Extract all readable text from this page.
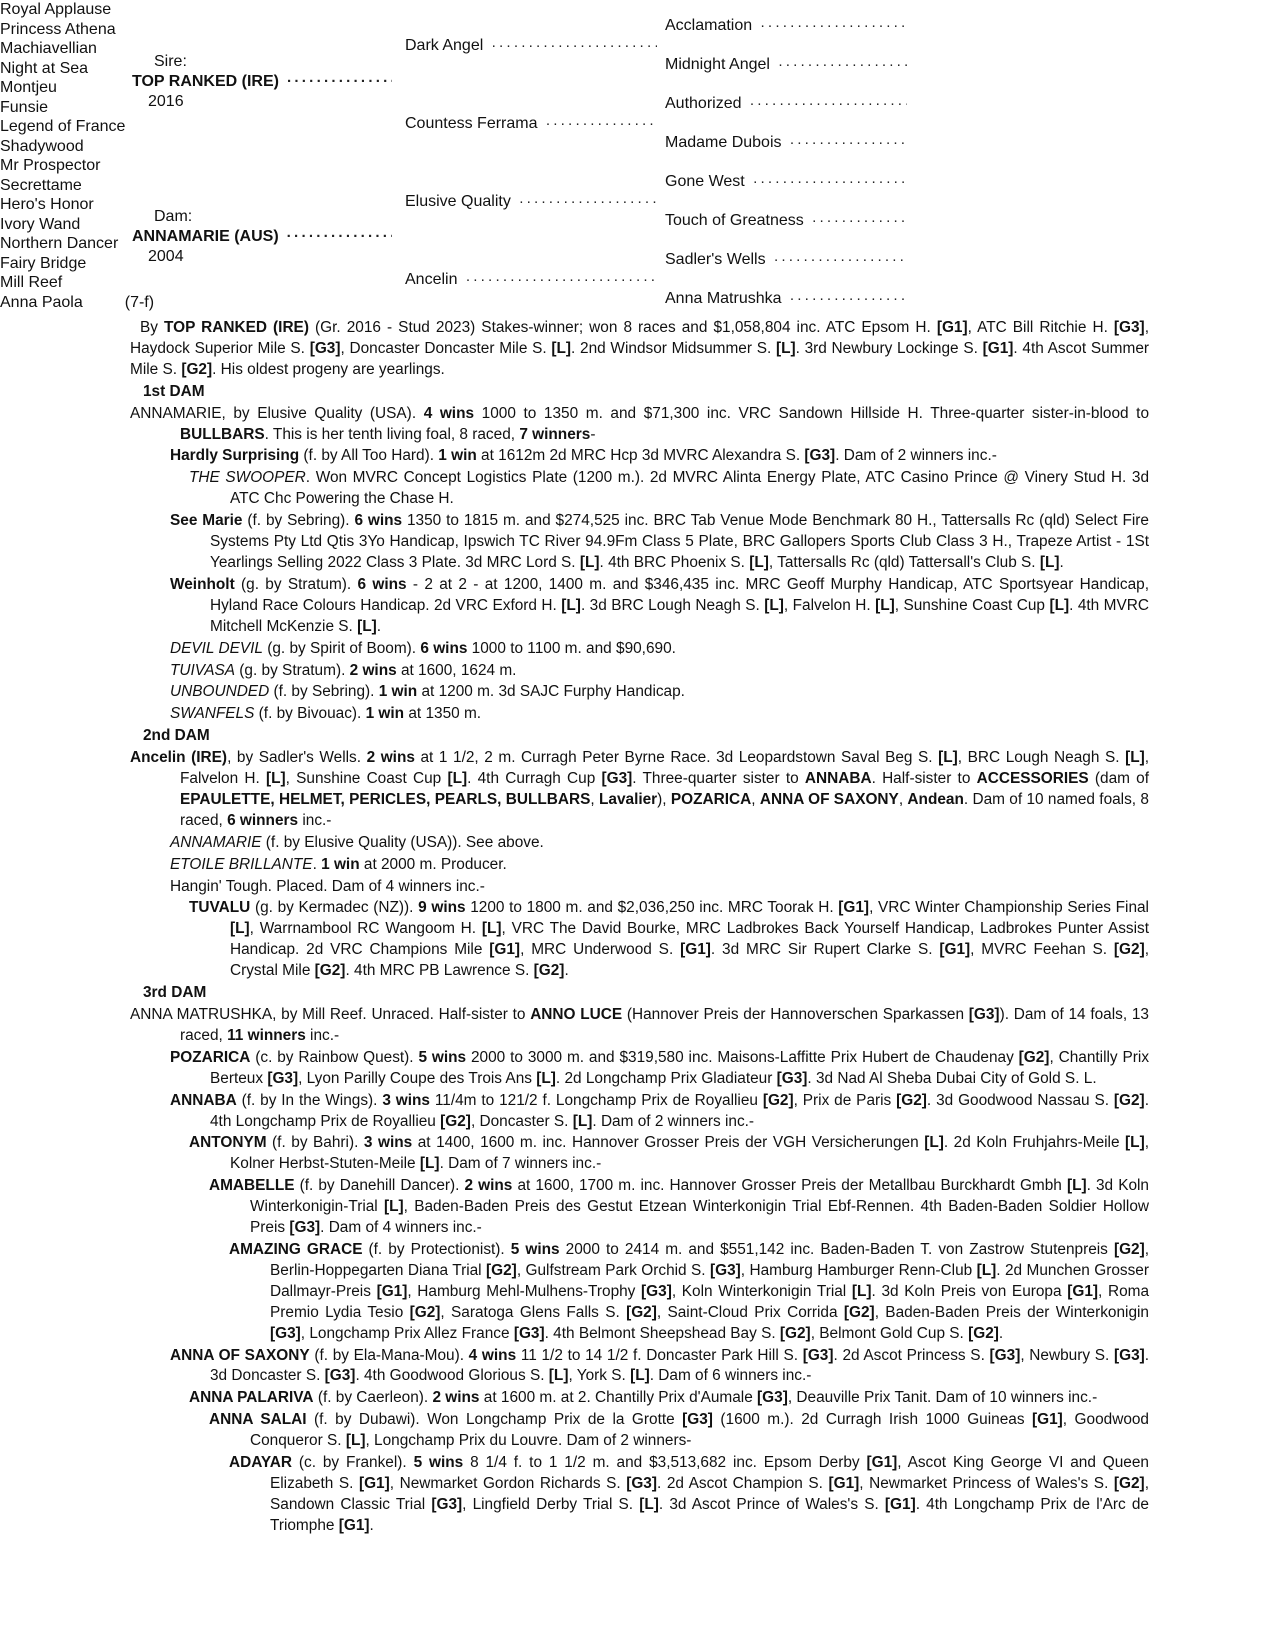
Sire:
TOP RANKED (IRE)
·····
2016
Dam:
ANNAMARIE (AUS)
·····
2004
Dark Angel
·····
Countess Ferrama
·····
Elusive Quality
·····
Ancelin
·····
Acclamation
·····
Midnight Angel
·····
Authorized
·····
Madame Dubois
·····
Gone West
·····
Touch of Greatness
·····
Sadler's Wells
·····
Anna Matrushka
·····
Royal Applause
Princess Athena
Machiavellian
Night at Sea
Montjeu
Funsie
Legend of France
Shadywood
Mr Prospector
Secrettame
Hero's Honor
Ivory Wand
Northern Dancer
Fairy Bridge
Mill Reef
Anna Paola	(7-f)
By TOP RANKED (IRE) (Gr. 2016 - Stud 2023) Stakes-winner; won 8 races and $1,058,804 inc. ATC Epsom H. [G1], ATC Bill Ritchie H. [G3], Haydock Superior Mile S. [G3], Doncaster Doncaster Mile S. [L]. 2nd Windsor Midsummer S. [L]. 3rd Newbury Lockinge S. [G1]. 4th Ascot Summer Mile S. [G2]. His oldest progeny are yearlings.
1st DAM
ANNAMARIE, by Elusive Quality (USA). 4 wins 1000 to 1350 m. and $71,300 inc. VRC Sandown Hillside H. Three-quarter sister-in-blood to BULLBARS. This is her tenth living foal, 8 raced, 7 winners-
Hardly Surprising (f. by All Too Hard). 1 win at 1612m 2d MRC Hcp 3d MVRC Alexandra S. [G3]. Dam of 2 winners inc.-
THE SWOOPER. Won MVRC Concept Logistics Plate (1200 m.). 2d MVRC Alinta Energy Plate, ATC Casino Prince @ Vinery Stud H. 3d ATC Chc Powering the Chase H.
See Marie (f. by Sebring). 6 wins 1350 to 1815 m. and $274,525 inc. BRC Tab Venue Mode Benchmark 80 H., Tattersalls Rc (qld) Select Fire Systems Pty Ltd Qtis 3Yo Handicap, Ipswich TC River 94.9Fm Class 5 Plate, BRC Gallopers Sports Club Class 3 H., Trapeze Artist - 1St Yearlings Selling 2022 Class 3 Plate. 3d MRC Lord S. [L]. 4th BRC Phoenix S. [L], Tattersalls Rc (qld) Tattersall's Club S. [L].
Weinholt (g. by Stratum). 6 wins - 2 at 2 - at 1200, 1400 m. and $346,435 inc. MRC Geoff Murphy Handicap, ATC Sportsyear Handicap, Hyland Race Colours Handicap. 2d VRC Exford H. [L]. 3d BRC Lough Neagh S. [L], Falvelon H. [L], Sunshine Coast Cup [L]. 4th MVRC Mitchell McKenzie S. [L].
DEVIL DEVIL (g. by Spirit of Boom). 6 wins 1000 to 1100 m. and $90,690.
TUIVASA (g. by Stratum). 2 wins at 1600, 1624 m.
UNBOUNDED (f. by Sebring). 1 win at 1200 m. 3d SAJC Furphy Handicap.
SWANFELS (f. by Bivouac). 1 win at 1350 m.
2nd DAM
Ancelin (IRE), by Sadler's Wells. 2 wins at 1 1/2, 2 m. Curragh Peter Byrne Race. 3d Leopardstown Saval Beg S. [L], BRC Lough Neagh S. [L], Falvelon H. [L], Sunshine Coast Cup [L]. 4th Curragh Cup [G3]. Three-quarter sister to ANNABA. Half-sister to ACCESSORIES (dam of EPAULETTE, HELMET, PERICLES, PEARLS, BULLBARS, Lavalier), POZARICA, ANNA OF SAXONY, Andean. Dam of 10 named foals, 8 raced, 6 winners inc.-
ANNAMARIE (f. by Elusive Quality (USA)). See above.
ETOILE BRILLANTE. 1 win at 2000 m. Producer.
Hangin' Tough. Placed. Dam of 4 winners inc.-
TUVALU (g. by Kermadec (NZ)). 9 wins 1200 to 1800 m. and $2,036,250 inc. MRC Toorak H. [G1], VRC Winter Championship Series Final [L], Warrnambool RC Wangoom H. [L], VRC The David Bourke, MRC Ladbrokes Back Yourself Handicap, Ladbrokes Punter Assist Handicap. 2d VRC Champions Mile [G1], MRC Underwood S. [G1]. 3d MRC Sir Rupert Clarke S. [G1], MVRC Feehan S. [G2], Crystal Mile [G2]. 4th MRC PB Lawrence S. [G2].
3rd DAM
ANNA MATRUSHKA, by Mill Reef. Unraced. Half-sister to ANNO LUCE (Hannover Preis der Hannoverschen Sparkassen [G3]). Dam of 14 foals, 13 raced, 11 winners inc.-
POZARICA (c. by Rainbow Quest). 5 wins 2000 to 3000 m. and $319,580 inc. Maisons-Laffitte Prix Hubert de Chaudenay [G2], Chantilly Prix Berteux [G3], Lyon Parilly Coupe des Trois Ans [L]. 2d Longchamp Prix Gladiateur [G3]. 3d Nad Al Sheba Dubai City of Gold S. L.
ANNABA (f. by In the Wings). 3 wins 11/4m to 121/2 f. Longchamp Prix de Royallieu [G2], Prix de Paris [G2]. 3d Goodwood Nassau S. [G2]. 4th Longchamp Prix de Royallieu [G2], Doncaster S. [L]. Dam of 2 winners inc.-
ANTONYM (f. by Bahri). 3 wins at 1400, 1600 m. inc. Hannover Grosser Preis der VGH Versicherungen [L]. 2d Koln Fruhjahrs-Meile [L], Kolner Herbst-Stuten-Meile [L]. Dam of 7 winners inc.-
AMABELLE (f. by Danehill Dancer). 2 wins at 1600, 1700 m. inc. Hannover Grosser Preis der Metallbau Burckhardt Gmbh [L]. 3d Koln Winterkonigin-Trial [L], Baden-Baden Preis des Gestut Etzean Winterkonigin Trial Ebf-Rennen. 4th Baden-Baden Soldier Hollow Preis [G3]. Dam of 4 winners inc.-
AMAZING GRACE (f. by Protectionist). 5 wins 2000 to 2414 m. and $551,142 inc. Baden-Baden T. von Zastrow Stutenpreis [G2], Berlin-Hoppegarten Diana Trial [G2], Gulfstream Park Orchid S. [G3], Hamburg Hamburger Renn-Club [L]. 2d Munchen Grosser Dallmayr-Preis [G1], Hamburg Mehl-Mulhens-Trophy [G3], Koln Winterkonigin Trial [L]. 3d Koln Preis von Europa [G1], Roma Premio Lydia Tesio [G2], Saratoga Glens Falls S. [G2], Saint-Cloud Prix Corrida [G2], Baden-Baden Preis der Winterkonigin [G3], Longchamp Prix Allez France [G3]. 4th Belmont Sheepshead Bay S. [G2], Belmont Gold Cup S. [G2].
ANNA OF SAXONY (f. by Ela-Mana-Mou). 4 wins 11 1/2 to 14 1/2 f. Doncaster Park Hill S. [G3]. 2d Ascot Princess S. [G3], Newbury S. [G3]. 3d Doncaster S. [G3]. 4th Goodwood Glorious S. [L], York S. [L]. Dam of 6 winners inc.-
ANNA PALARIVA (f. by Caerleon). 2 wins at 1600 m. at 2. Chantilly Prix d'Aumale [G3], Deauville Prix Tanit. Dam of 10 winners inc.-
ANNA SALAI (f. by Dubawi). Won Longchamp Prix de la Grotte [G3] (1600 m.). 2d Curragh Irish 1000 Guineas [G1], Goodwood Conqueror S. [L], Longchamp Prix du Louvre. Dam of 2 winners-
ADAYAR (c. by Frankel). 5 wins 8 1/4 f. to 1 1/2 m. and $3,513,682 inc. Epsom Derby [G1], Ascot King George VI and Queen Elizabeth S. [G1], Newmarket Gordon Richards S. [G3]. 2d Ascot Champion S. [G1], Newmarket Princess of Wales's S. [G2], Sandown Classic Trial [G3], Lingfield Derby Trial S. [L]. 3d Ascot Prince of Wales's S. [G1]. 4th Longchamp Prix de l'Arc de Triomphe [G1].
